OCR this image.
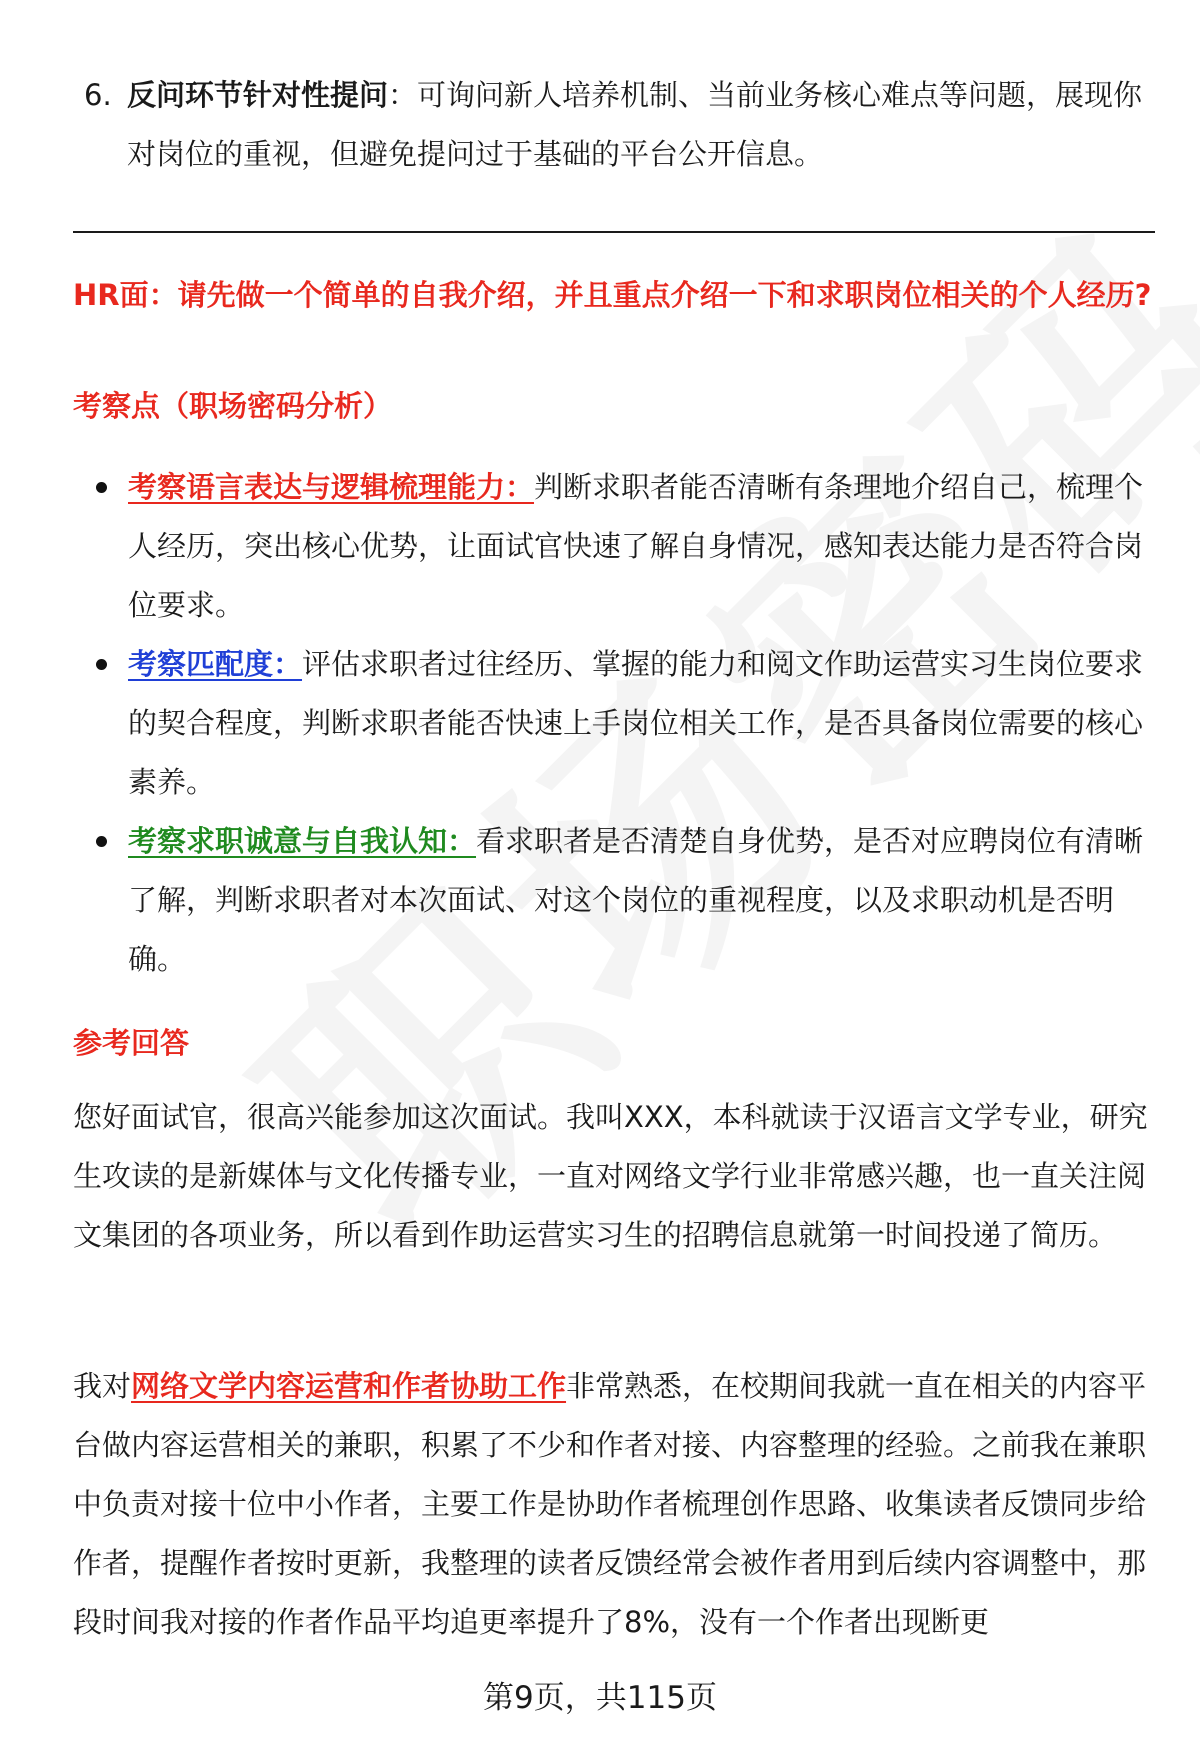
6. 反问环节针对性提问：可询问新人培养机制、当前业务核心难点等问题，展现你对岗位的重视，但避免提问过于基础的平台公开信息。
HR面：请先做一个简单的自我介绍，并且重点介绍一下和求职岗位相关的个人经历?
考察点（职场密码分析）
考察语言表达与逻辑梳理能力：判断求职者能否清晰有条理地介绍自己，梳理个人经历，突出核心优势，让面试官快速了解自身情况，感知表达能力是否符合岗位要求。
考察匹配度：评估求职者过往经历、掌握的能力和阅文作助运营实习生岗位要求的契合程度，判断求职者能否快速上手岗位相关工作，是否具备岗位需要的核心素养。
考察求职诚意与自我认知：看求职者是否清楚自身优势，是否对应聘岗位有清晰了解，判断求职者对本次面试、对这个岗位的重视程度，以及求职动机是否明确。
参考回答

您好面试官，很高兴能参加这次面试。我叫XXX，本科就读于汉语言文学专业，研究生攻读的是新媒体与文化传播专业，一直对网络文学行业非常感兴趣，也一直关注阅文集团的各项业务，所以看到作助运营实习生的招聘信息就第一时间投递了简历。

我对网络文学内容运营和作者协助工作非常熟悉，在校期间我就一直在相关的内容平台做内容运营相关的兼职，积累了不少和作者对接、内容整理的经验。之前我在兼职中负责对接十位中小作者，主要工作是协助作者梳理创作思路、收集读者反馈同步给作者，提醒作者按时更新，我整理的读者反馈经常会被作者用到后续内容调整中，那段时间我对接的作者作品平均追更率提升了8%，没有一个作者出现断更

第9页，共115页
